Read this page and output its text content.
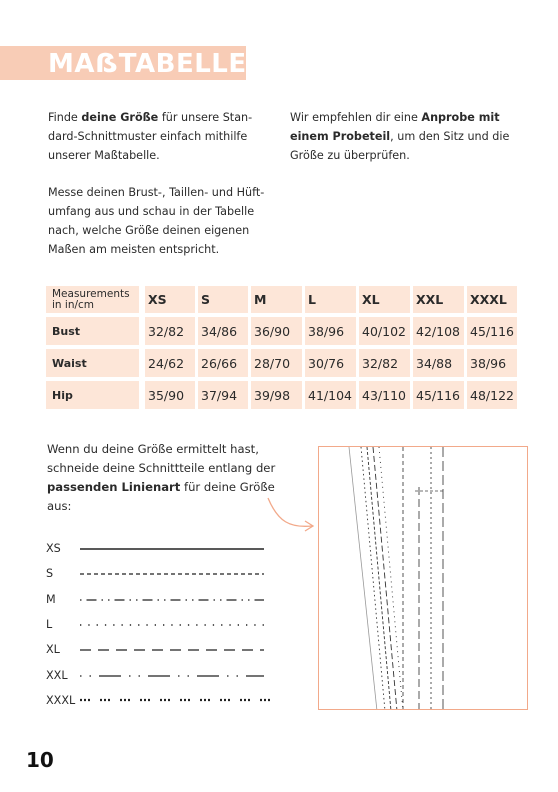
MAẞTABELLE
Finde deine Größe für unsere Stan-dard-Schnittmuster einfach mithilfe unserer Maßtabelle.
Messe deinen Brust-, Taillen- und Hüft-umfang aus und schau in der Tabelle nach, welche Größe deinen eigenen Maßen am meisten entspricht.
Wir empfehlen dir eine Anprobe mit einem Probeteil, um den Sitz und die Größe zu überprüfen.
Measurements in in/cm	XS	S	M	L	XL	XXL	XXXL
Bust	32/82	34/86	36/90	38/96	40/102 42/108 45/116
Waist	24/62	26/66	28/70	30/76	32/82	34/88	38/96
Hip	35/90	37/94	39/98	41/104 43/110 45/116 48/122
Wenn du deine Größe ermittelt hast, schneide deine Schnittteile entlang der passenden Linienart für deine Größe aus:
XS
S
M
L
XL
XXL
XXXL
10
